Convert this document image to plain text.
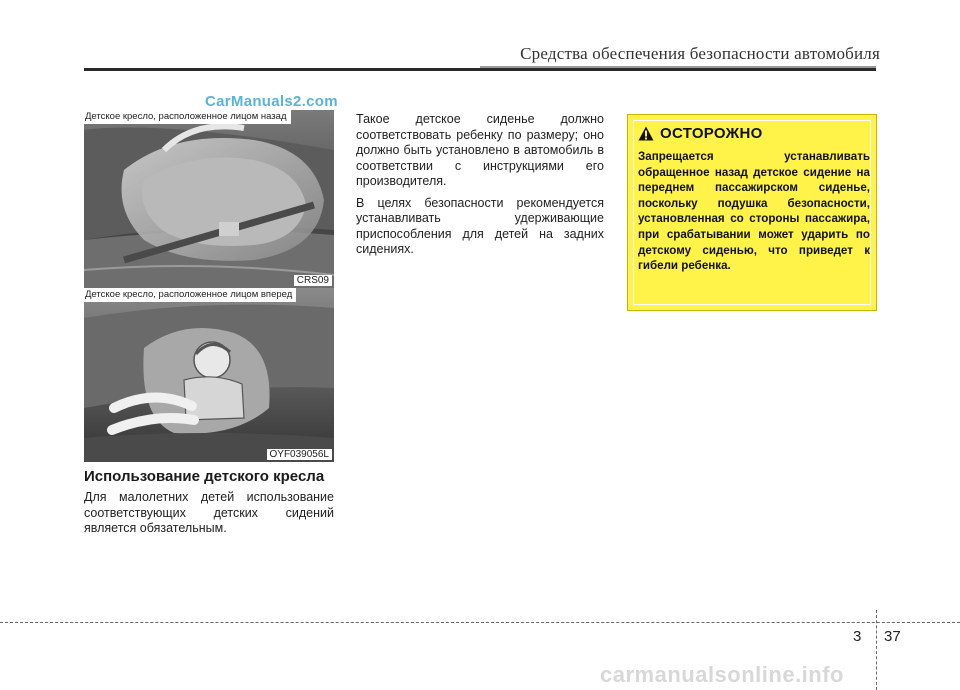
Средства обеспечения безопасности автомобиля
CarManuals2.com
Детское кресло, расположенное лицом назад
CRS09
Детское кресло, расположенное лицом вперед
OYF039056L
Использование детского кресла
Для малолетних детей использование соответствующих детских сидений является обязательным.

Такое детское сиденье должно соответствовать ребенку по размеру; оно должно быть установлено в автомобиль в соответствии с инструкциями его производителя.

В целях безопасности рекомендуется устанавливать удерживающие приспособления для детей на задних сидениях.

ОСТОРОЖНО
Запрещается устанавливать обращенное назад детское сидение на переднем пассажирском сиденье, поскольку подушка безопасности, установленная со стороны пассажира, при срабатывании может ударить по детскому сиденью, что приведет к гибели ребенка.
3 37
carmanualsonline.info
